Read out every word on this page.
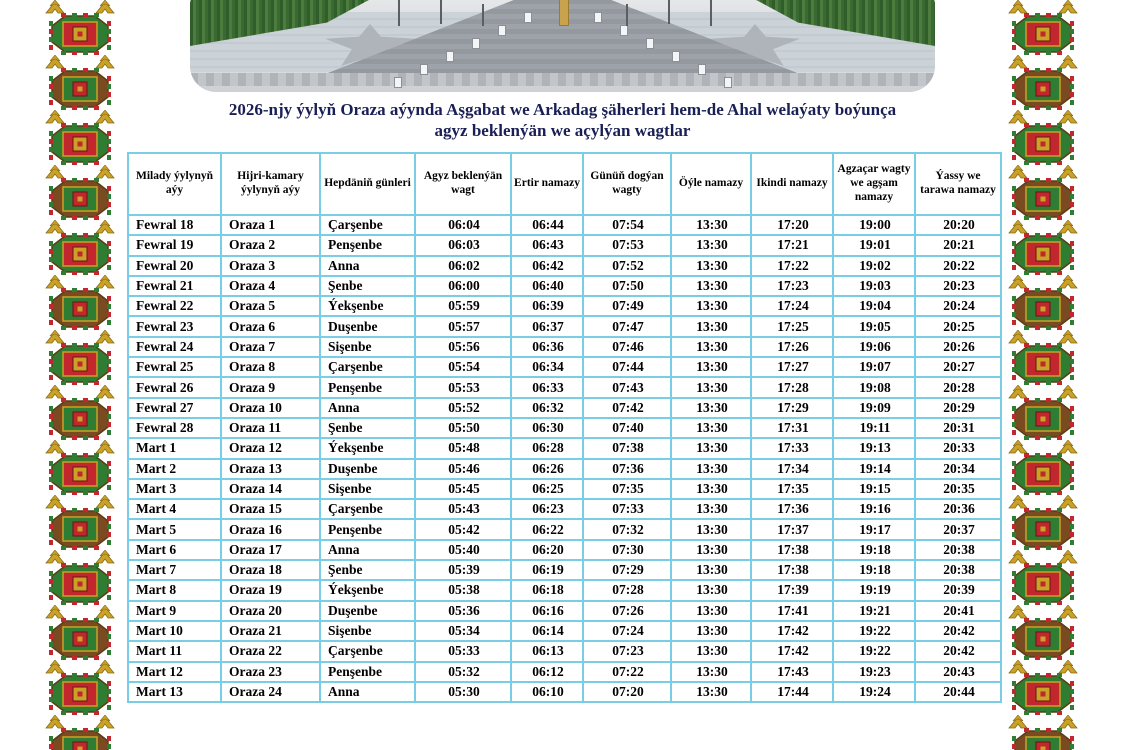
2026-njy ýylyň Oraza aýynda Aşgabat we Arkadag şäherleri hem-de Ahal welaýaty boýunça
agyz beklenýän we açylýan wagtlar
Milady ýylynyň aýy	Hijri-kamary ýylynyň aýy	Hepdäniň günleri	Agyz beklenýän wagt	Ertir namazy	Günüň dogýan wagty	Öýle namazy	Ikindi namazy	Agzaçar wagty we agşam namazy	Ýassy we tarawa namazy
Fewral 18	Oraza 1	Çarşenbe	06:04	06:44	07:54	13:30	17:20	19:00	20:20
Fewral 19	Oraza 2	Penşenbe	06:03	06:43	07:53	13:30	17:21	19:01	20:21
Fewral 20	Oraza 3	Anna	06:02	06:42	07:52	13:30	17:22	19:02	20:22
Fewral 21	Oraza 4	Şenbe	06:00	06:40	07:50	13:30	17:23	19:03	20:23
Fewral 22	Oraza 5	Ýekşenbe	05:59	06:39	07:49	13:30	17:24	19:04	20:24
Fewral 23	Oraza 6	Duşenbe	05:57	06:37	07:47	13:30	17:25	19:05	20:25
Fewral 24	Oraza 7	Sişenbe	05:56	06:36	07:46	13:30	17:26	19:06	20:26
Fewral 25	Oraza 8	Çarşenbe	05:54	06:34	07:44	13:30	17:27	19:07	20:27
Fewral 26	Oraza 9	Penşenbe	05:53	06:33	07:43	13:30	17:28	19:08	20:28
Fewral 27	Oraza 10	Anna	05:52	06:32	07:42	13:30	17:29	19:09	20:29
Fewral 28	Oraza 11	Şenbe	05:50	06:30	07:40	13:30	17:31	19:11	20:31
Mart 1	Oraza 12	Ýekşenbe	05:48	06:28	07:38	13:30	17:33	19:13	20:33
Mart 2	Oraza 13	Duşenbe	05:46	06:26	07:36	13:30	17:34	19:14	20:34
Mart 3	Oraza 14	Sişenbe	05:45	06:25	07:35	13:30	17:35	19:15	20:35
Mart 4	Oraza 15	Çarşenbe	05:43	06:23	07:33	13:30	17:36	19:16	20:36
Mart 5	Oraza 16	Penşenbe	05:42	06:22	07:32	13:30	17:37	19:17	20:37
Mart 6	Oraza 17	Anna	05:40	06:20	07:30	13:30	17:38	19:18	20:38
Mart 7	Oraza 18	Şenbe	05:39	06:19	07:29	13:30	17:38	19:18	20:38
Mart 8	Oraza 19	Ýekşenbe	05:38	06:18	07:28	13:30	17:39	19:19	20:39
Mart 9	Oraza 20	Duşenbe	05:36	06:16	07:26	13:30	17:41	19:21	20:41
Mart 10	Oraza 21	Sişenbe	05:34	06:14	07:24	13:30	17:42	19:22	20:42
Mart 11	Oraza 22	Çarşenbe	05:33	06:13	07:23	13:30	17:42	19:22	20:42
Mart 12	Oraza 23	Penşenbe	05:32	06:12	07:22	13:30	17:43	19:23	20:43
Mart 13	Oraza 24	Anna	05:30	06:10	07:20	13:30	17:44	19:24	20:44
